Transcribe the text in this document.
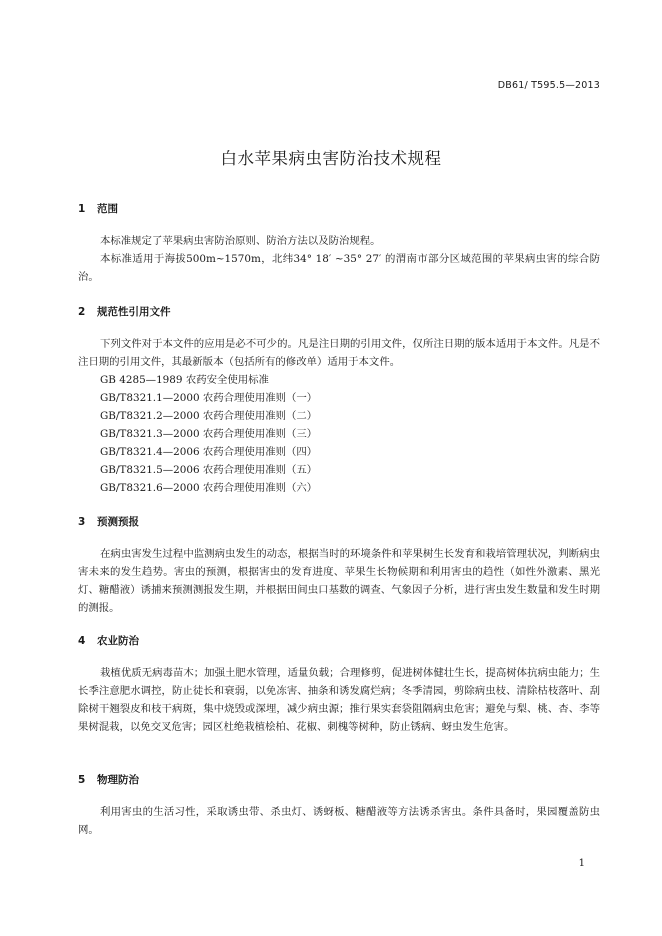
DB61/ T595.5—2013
白水苹果病虫害防治技术规程
1 范围

本标准规定了苹果病虫害防治原则、防治方法以及防治规程。

本标准适用于海拔500m~1570m，北纬34° 18′ ~35° 27′ 的渭南市部分区域范围的苹果病虫害的综合防治。

2 规范性引用文件

下列文件对于本文件的应用是必不可少的。凡是注日期的引用文件，仅所注日期的版本适用于本文件。凡是不注日期的引用文件，其最新版本（包括所有的修改单）适用于本文件。

GB 4285—1989 农药安全使用标准
GB/T8321.1—2000 农药合理使用准则（一）
GB/T8321.2—2000 农药合理使用准则（二）
GB/T8321.3—2000 农药合理使用准则（三）
GB/T8321.4—2006 农药合理使用准则（四）
GB/T8321.5—2006 农药合理使用准则（五）
GB/T8321.6—2000 农药合理使用准则（六）
3 预测预报

在病虫害发生过程中监测病虫发生的动态，根据当时的环境条件和苹果树生长发育和栽培管理状况，判断病虫害未来的发生趋势。害虫的预测，根据害虫的发育进度、苹果生长物候期和利用害虫的趋性（如性外激素、黑光灯、糖醋液）诱捕来预测测报发生期，并根据田间虫口基数的调查、气象因子分析，进行害虫发生数量和发生时期的测报。

4 农业防治

栽植优质无病毒苗木；加强土肥水管理，适量负载；合理修剪，促进树体健壮生长，提高树体抗病虫能力；生长季注意肥水调控，防止徒长和衰弱，以免冻害、抽条和诱发腐烂病；冬季清园，剪除病虫枝、清除枯枝落叶、刮除树干翘裂皮和枝干病斑，集中烧毁或深埋，减少病虫源；推行果实套袋阻隔病虫危害；避免与梨、桃、杏、李等果树混栽，以免交叉危害；园区杜绝栽植桧柏、花椒、刺槐等树种，防止锈病、蚜虫发生危害。

5 物理防治

利用害虫的生活习性，采取诱虫带、杀虫灯、诱蚜板、糖醋液等方法诱杀害虫。条件具备时，果园覆盖防虫网。

1
